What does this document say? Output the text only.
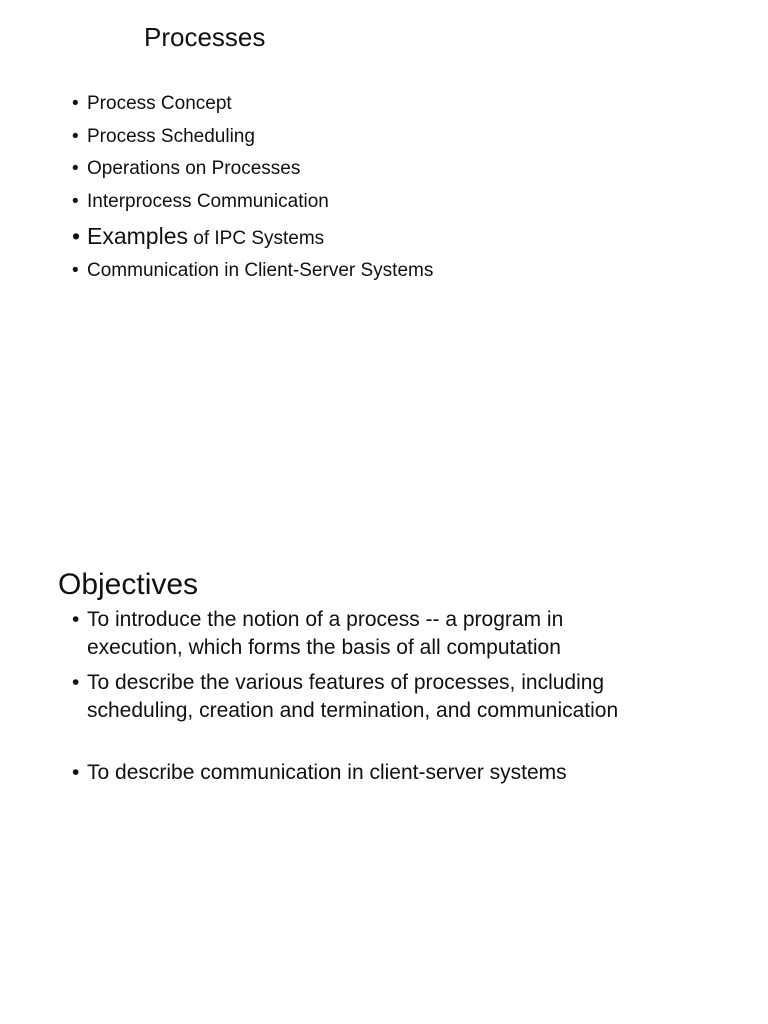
Processes
• Process Concept
• Process Scheduling
• Operations on Processes
• Interprocess Communication
• Examples of IPC Systems
• Communication in Client-Server Systems
Objectives
• To introduce the notion of a process -- a program in execution, which forms the basis of all computation
• To describe the various features of processes, including scheduling, creation and termination, and communication
• To describe communication in client-server systems
